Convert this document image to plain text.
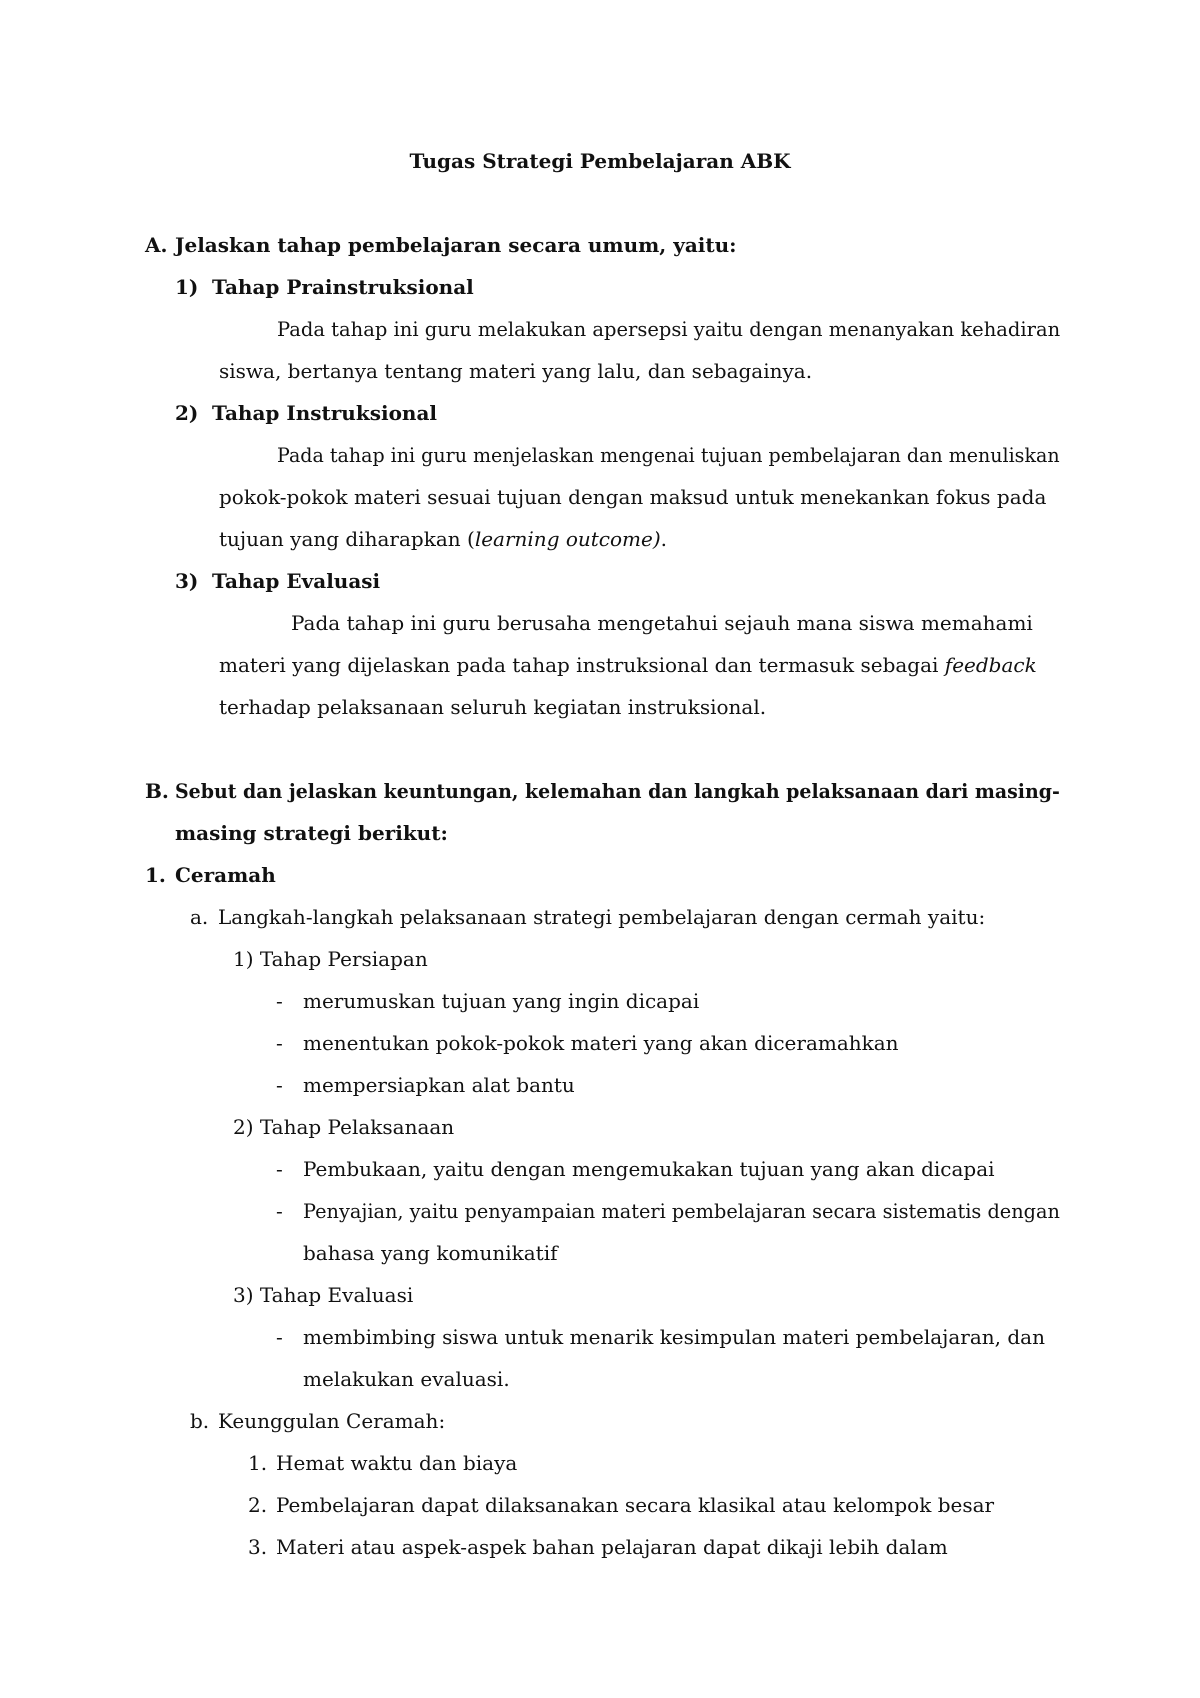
Tugas Strategi Pembelajaran ABK
A. Jelaskan tahap pembelajaran secara umum, yaitu:
1) Tahap Prainstruksional
Pada tahap ini guru melakukan apersepsi yaitu dengan menanyakan kehadiran
siswa, bertanya tentang materi yang lalu, dan sebagainya.
2) Tahap Instruksional
Pada tahap ini guru menjelaskan mengenai tujuan pembelajaran dan menuliskan
pokok-pokok materi sesuai tujuan dengan maksud untuk menekankan fokus pada
tujuan yang diharapkan (learning outcome).
3) Tahap Evaluasi
Pada tahap ini guru berusaha mengetahui sejauh mana siswa memahami
materi yang dijelaskan pada tahap instruksional dan termasuk sebagai feedback
terhadap pelaksanaan seluruh kegiatan instruksional.
B. Sebut dan jelaskan keuntungan, kelemahan dan langkah pelaksanaan dari masing-
masing strategi berikut:
1. Ceramah
a. Langkah-langkah pelaksanaan strategi pembelajaran dengan cermah yaitu:
1) Tahap Persiapan
- merumuskan tujuan yang ingin dicapai
- menentukan pokok-pokok materi yang akan diceramahkan
- mempersiapkan alat bantu
2) Tahap Pelaksanaan
- Pembukaan, yaitu dengan mengemukakan tujuan yang akan dicapai
- Penyajian, yaitu penyampaian materi pembelajaran secara sistematis dengan
bahasa yang komunikatif
3) Tahap Evaluasi
- membimbing siswa untuk menarik kesimpulan materi pembelajaran, dan
melakukan evaluasi.
b. Keunggulan Ceramah:
1. Hemat waktu dan biaya
2. Pembelajaran dapat dilaksanakan secara klasikal atau kelompok besar
3. Materi atau aspek-aspek bahan pelajaran dapat dikaji lebih dalam
